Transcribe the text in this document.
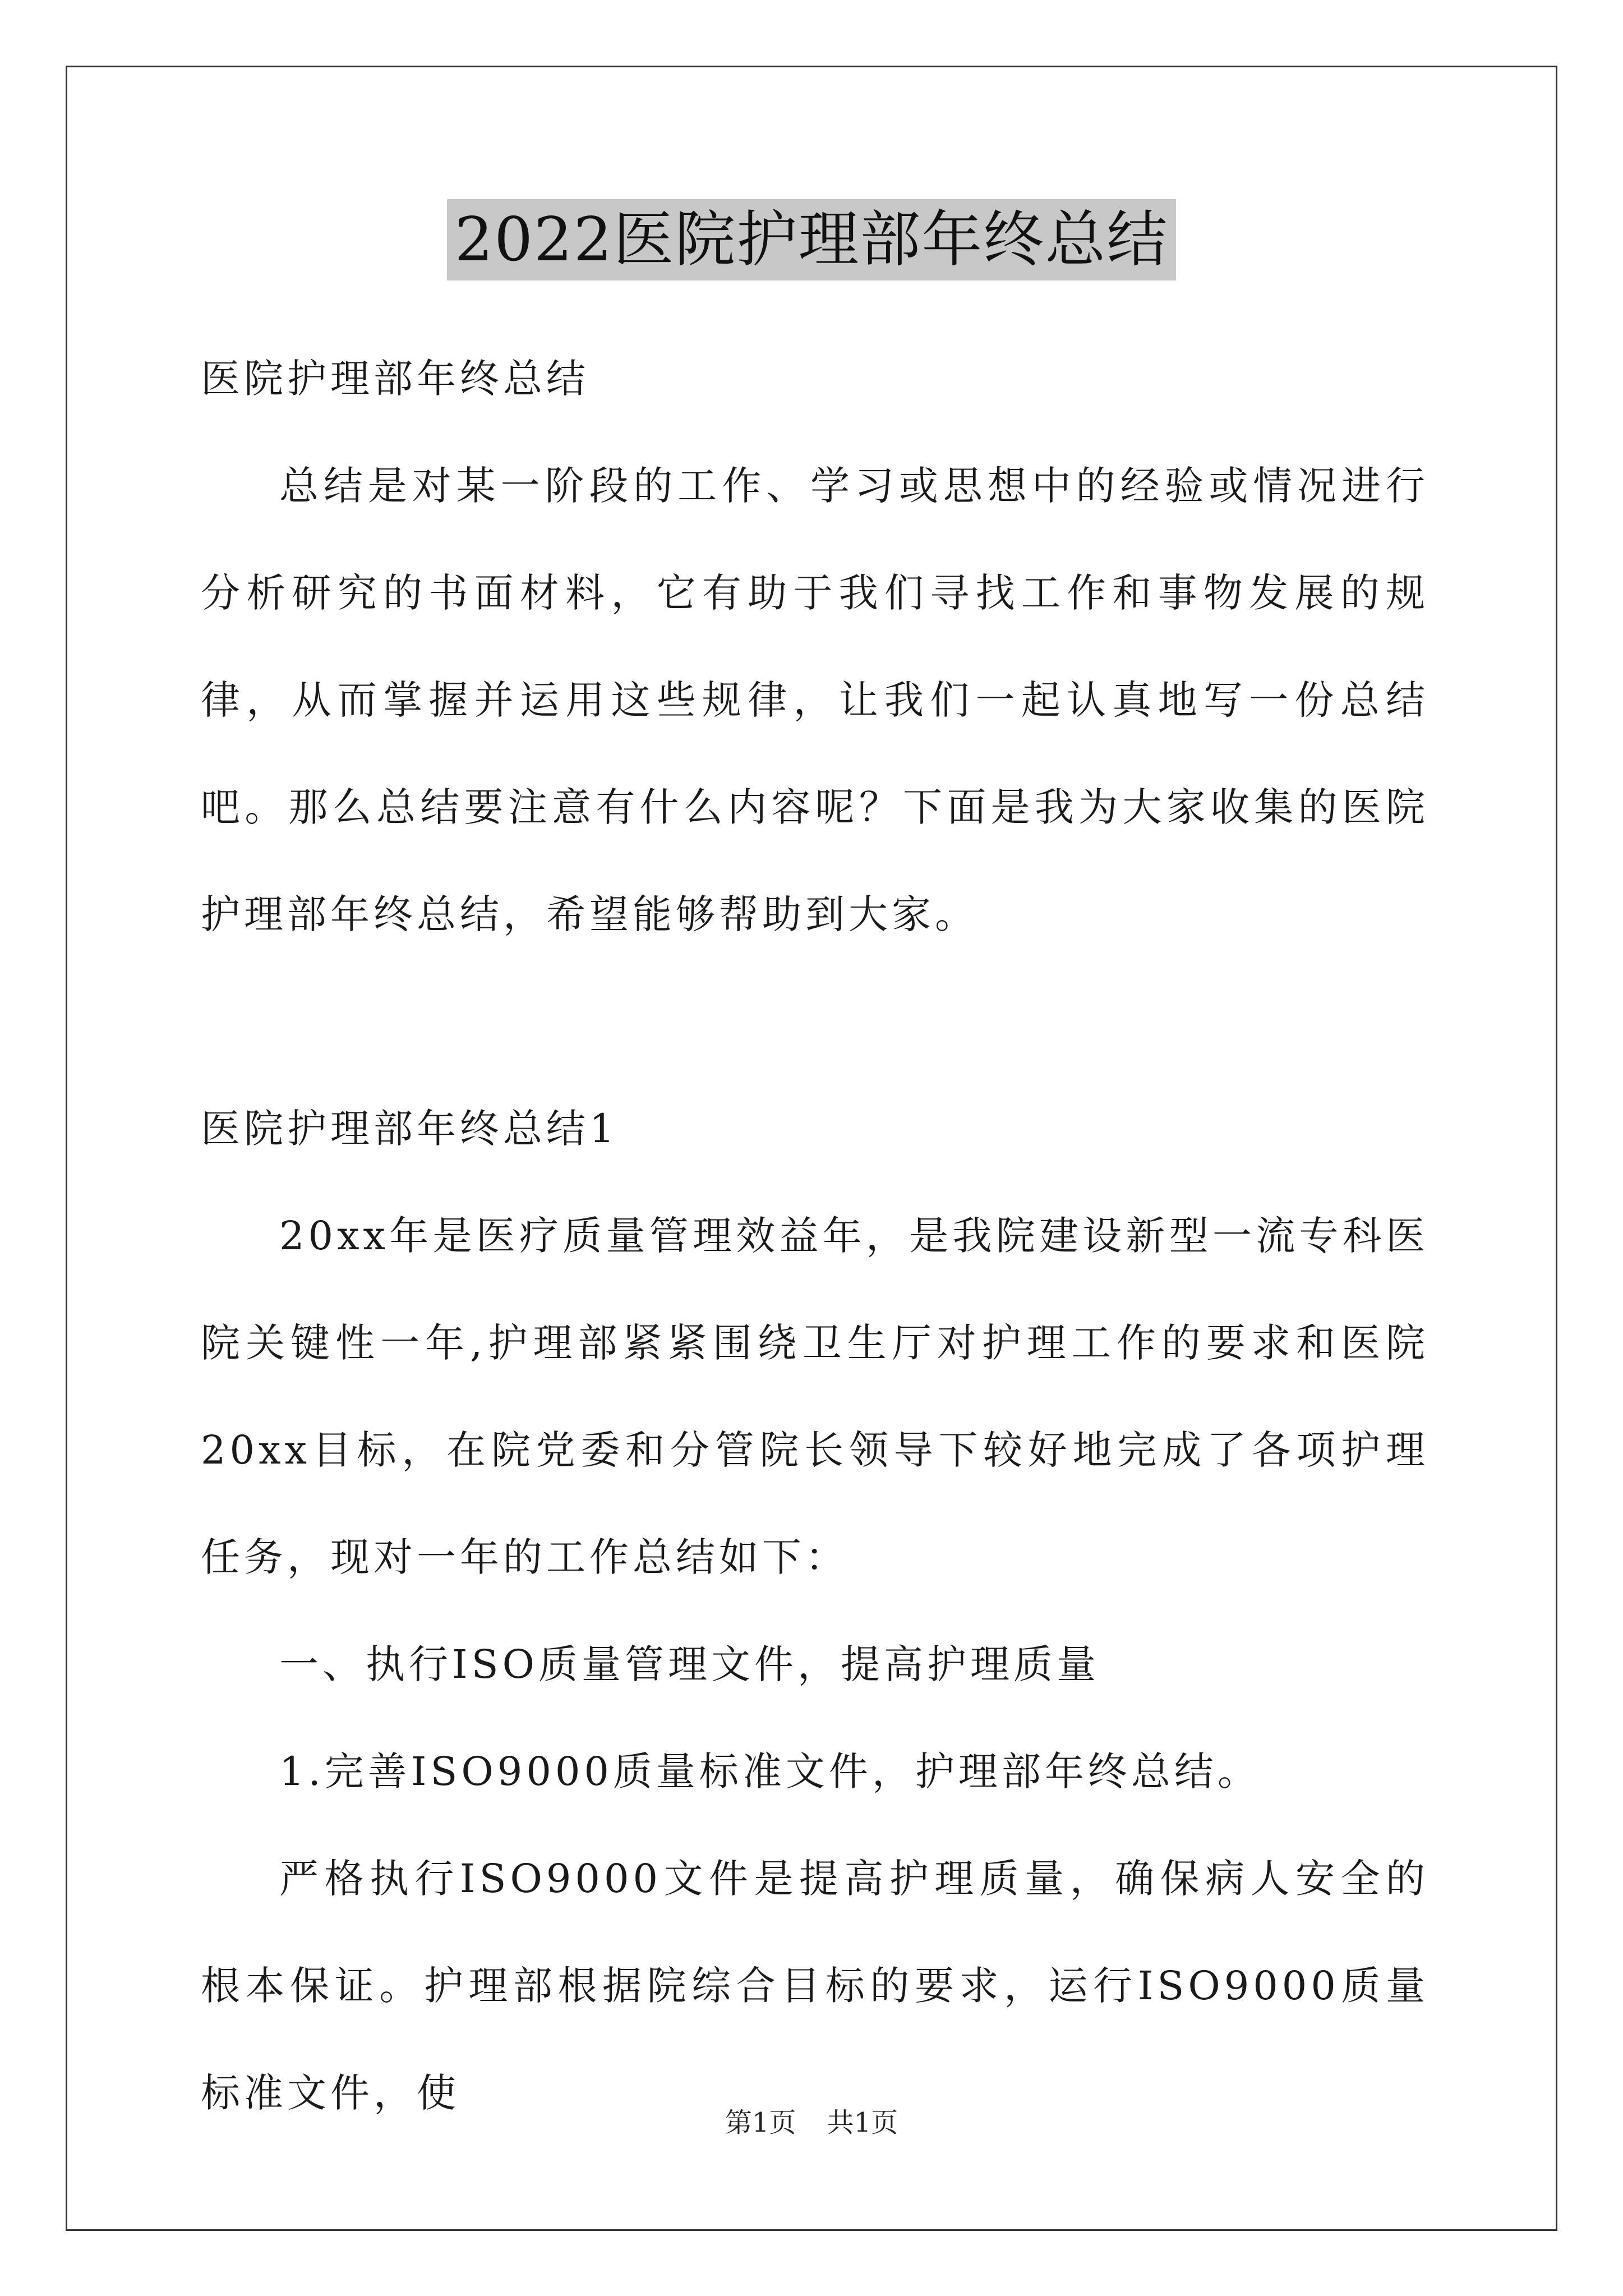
2022医院护理部年终总结

医院护理部年终总结

总结是对某一阶段的工作、学习或思想中的经验或情况进行分析研究的书面材料，它有助于我们寻找工作和事物发展的规律，从而掌握并运用这些规律，让我们一起认真地写一份总结吧。那么总结要注意有什么内容呢？下面是我为大家收集的医院护理部年终总结，希望能够帮助到大家。

医院护理部年终总结1

20xx年是医疗质量管理效益年，是我院建设新型一流专科医院关键性一年,护理部紧紧围绕卫生厅对护理工作的要求和医院20xx目标，在院党委和分管院长领导下较好地完成了各项护理任务，现对一年的工作总结如下：

一、执行ISO质量管理文件，提高护理质量

1.完善ISO9000质量标准文件，护理部年终总结。

严格执行ISO9000文件是提高护理质量，确保病人安全的根本保证。护理部根据院综合目标的要求，运行ISO9000质量标准文件，使

第1页 共1页
